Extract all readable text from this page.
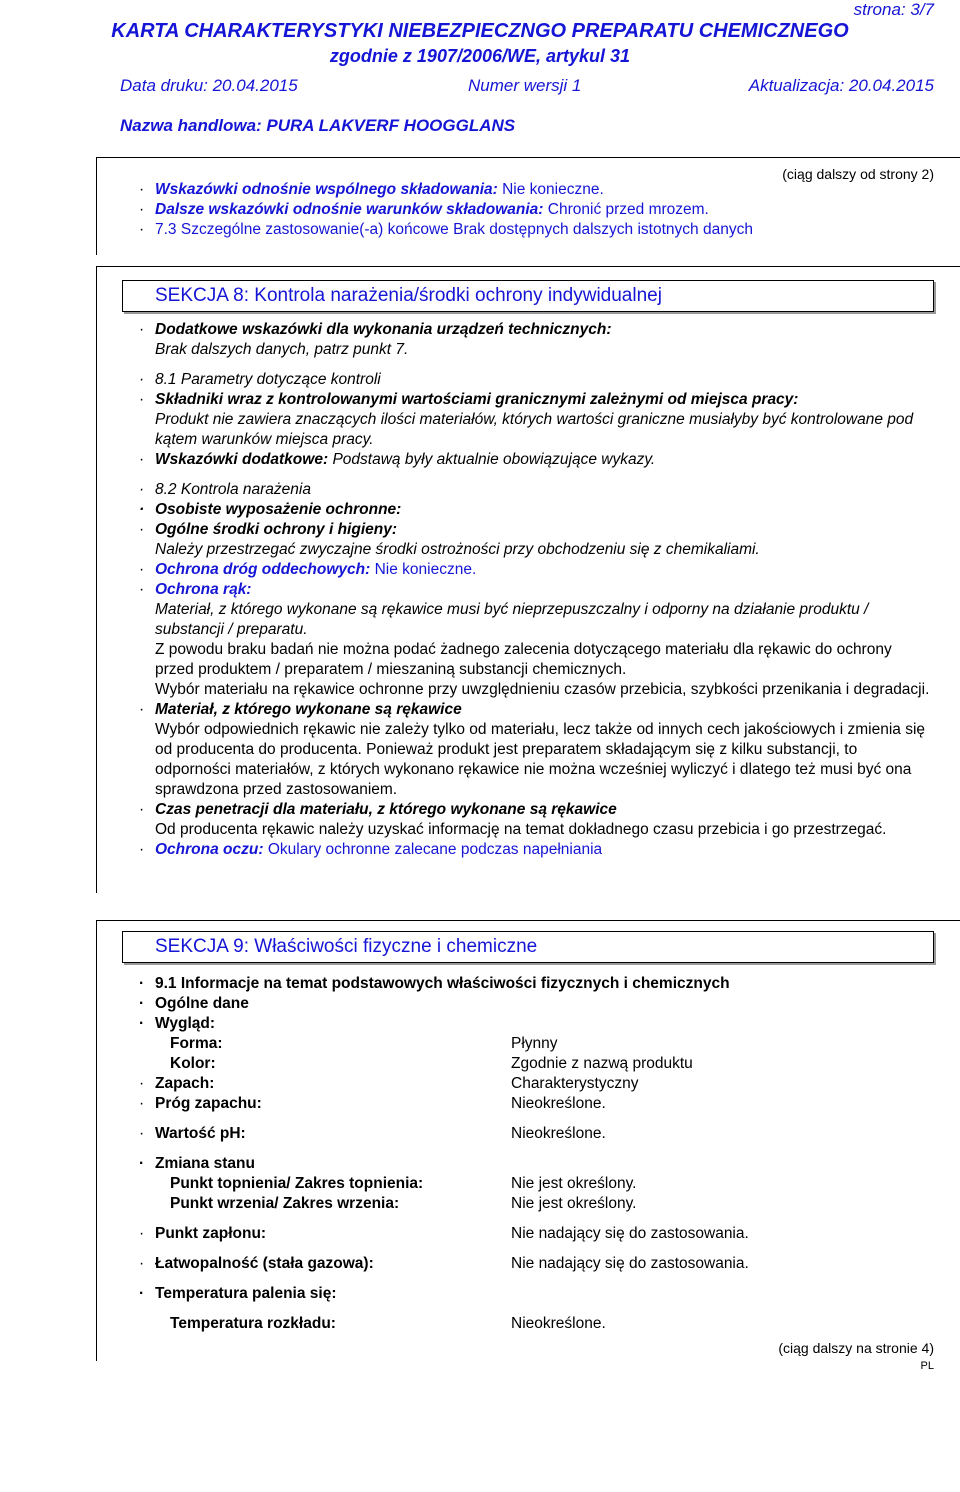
strona: 3/7
KARTA CHARAKTERYSTYKI NIEBEZPIECZNGO PREPARATU CHEMICZNEGO
zgodnie z 1907/2006/WE, artykul 31
Data druku: 20.04.2015	Numer wersji 1	Aktualizacja: 20.04.2015
Nazwa handlowa: PURA LAKVERF HOOGGLANS
(ciąg dalszy od strony 2)
· Wskazówki odnośnie wspólnego składowania: Nie konieczne.
· Dalsze wskazówki odnośnie warunków składowania: Chronić przed mrozem.
· 7.3 Szczególne zastosowanie(-a) końcowe Brak dostępnych dalszych istotnych danych
SEKCJA 8: Kontrola narażenia/środki ochrony indywidualnej
· Dodatkowe wskazówki dla wykonania urządzeń technicznych:
Brak dalszych danych, patrz punkt 7.
· 8.1 Parametry dotyczące kontroli
· Składniki wraz z kontrolowanymi wartościami granicznymi zależnymi od miejsca pracy:
Produkt nie zawiera znaczących ilości materiałów, których wartości graniczne musiałyby być kontrolowane pod kątem warunków miejsca pracy.
· Wskazówki dodatkowe: Podstawą były aktualnie obowiązujące wykazy.
· 8.2 Kontrola narażenia
· Osobiste wyposażenie ochronne:
· Ogólne środki ochrony i higieny:
Należy przestrzegać zwyczajne środki ostrożności przy obchodzeniu się z chemikaliami.
· Ochrona dróg oddechowych: Nie konieczne.
· Ochrona rąk:
Materiał, z którego wykonane są rękawice musi być nieprzepuszczalny i odporny na działanie produktu / substancji / preparatu.
Z powodu braku badań nie można podać żadnego zalecenia dotyczącego materiału dla rękawic do ochrony przed produktem / preparatem / mieszaniną substancji chemicznych.
Wybór materiału na rękawice ochronne przy uwzględnieniu czasów przebicia, szybkości przenikania i degradacji.
· Materiał, z którego wykonane są rękawice
Wybór odpowiednich rękawic nie zależy tylko od materiału, lecz także od innych cech jakościowych i zmienia się od producenta do producenta. Ponieważ produkt jest preparatem składającym się z kilku substancji, to odporności materiałów, z których wykonano rękawice nie można wcześniej wyliczyć i dlatego też musi być ona sprawdzona przed zastosowaniem.
· Czas penetracji dla materiału, z którego wykonane są rękawice
Od producenta rękawic należy uzyskać informację na temat dokładnego czasu przebicia i go przestrzegać.
· Ochrona oczu: Okulary ochronne zalecane podczas napełniania
SEKCJA 9: Właściwości fizyczne i chemiczne
· 9.1 Informacje na temat podstawowych właściwości fizycznych i chemicznych
· Ogólne dane
· Wygląd:
Forma:	Płynny
Kolor:	Zgodnie z nazwą produktu
· Zapach:	Charakterystyczny
· Próg zapachu:	Nieokreślone.
· Wartość pH:	Nieokreślone.
· Zmiana stanu
Punkt topnienia/ Zakres topnienia:	Nie jest określony.
Punkt wrzenia/ Zakres wrzenia:	Nie jest określony.
· Punkt zapłonu:	Nie nadający się do zastosowania.
· Łatwopalność (stała gazowa):	Nie nadający się do zastosowania.
· Temperatura palenia się:
Temperatura rozkładu:	Nieokreślone.
(ciąg dalszy na stronie 4)
PL
